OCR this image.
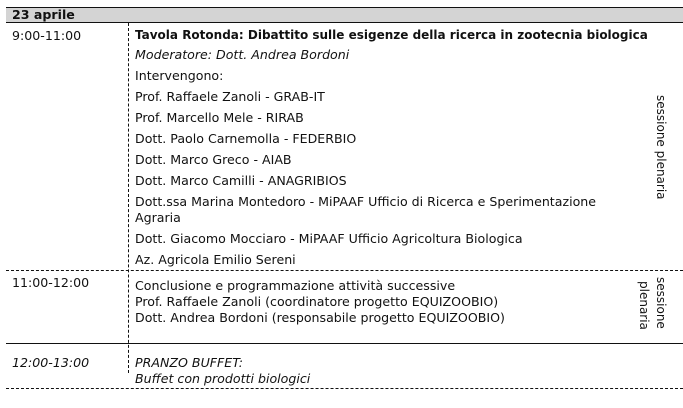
23 aprile
9:00-11:00	Tavola Rotonda: Dibattito sulle esigenze della ricerca in zootecnia biologica
Moderatore: Dott. Andrea Bordoni
Intervengono:
Prof. Raffaele Zanoli - GRAB-IT
Prof. Marcello Mele - RIRAB
Dott. Paolo Carnemolla - FEDERBIO
Dott. Marco Greco - AIAB
Dott. Marco Camilli - ANAGRIBIOS
Dott.ssa Marina Montedoro - MiPAAF Ufficio di Ricerca e Sperimentazione
Agraria
Dott. Giacomo Mocciaro - MiPAAF Ufficio Agricoltura Biologica
Az. Agricola Emilio Sereni
sessione plenaria
11:00-12:00	Conclusione e programmazione attività successive
Prof. Raffaele Zanoli (coordinatore progetto EQUIZOOBIO)
Dott. Andrea Bordoni (responsabile progetto EQUIZOOBIO)	sessione
plenaria
12:00-13:00	PRANZO BUFFET:
Buffet con prodotti biologici
